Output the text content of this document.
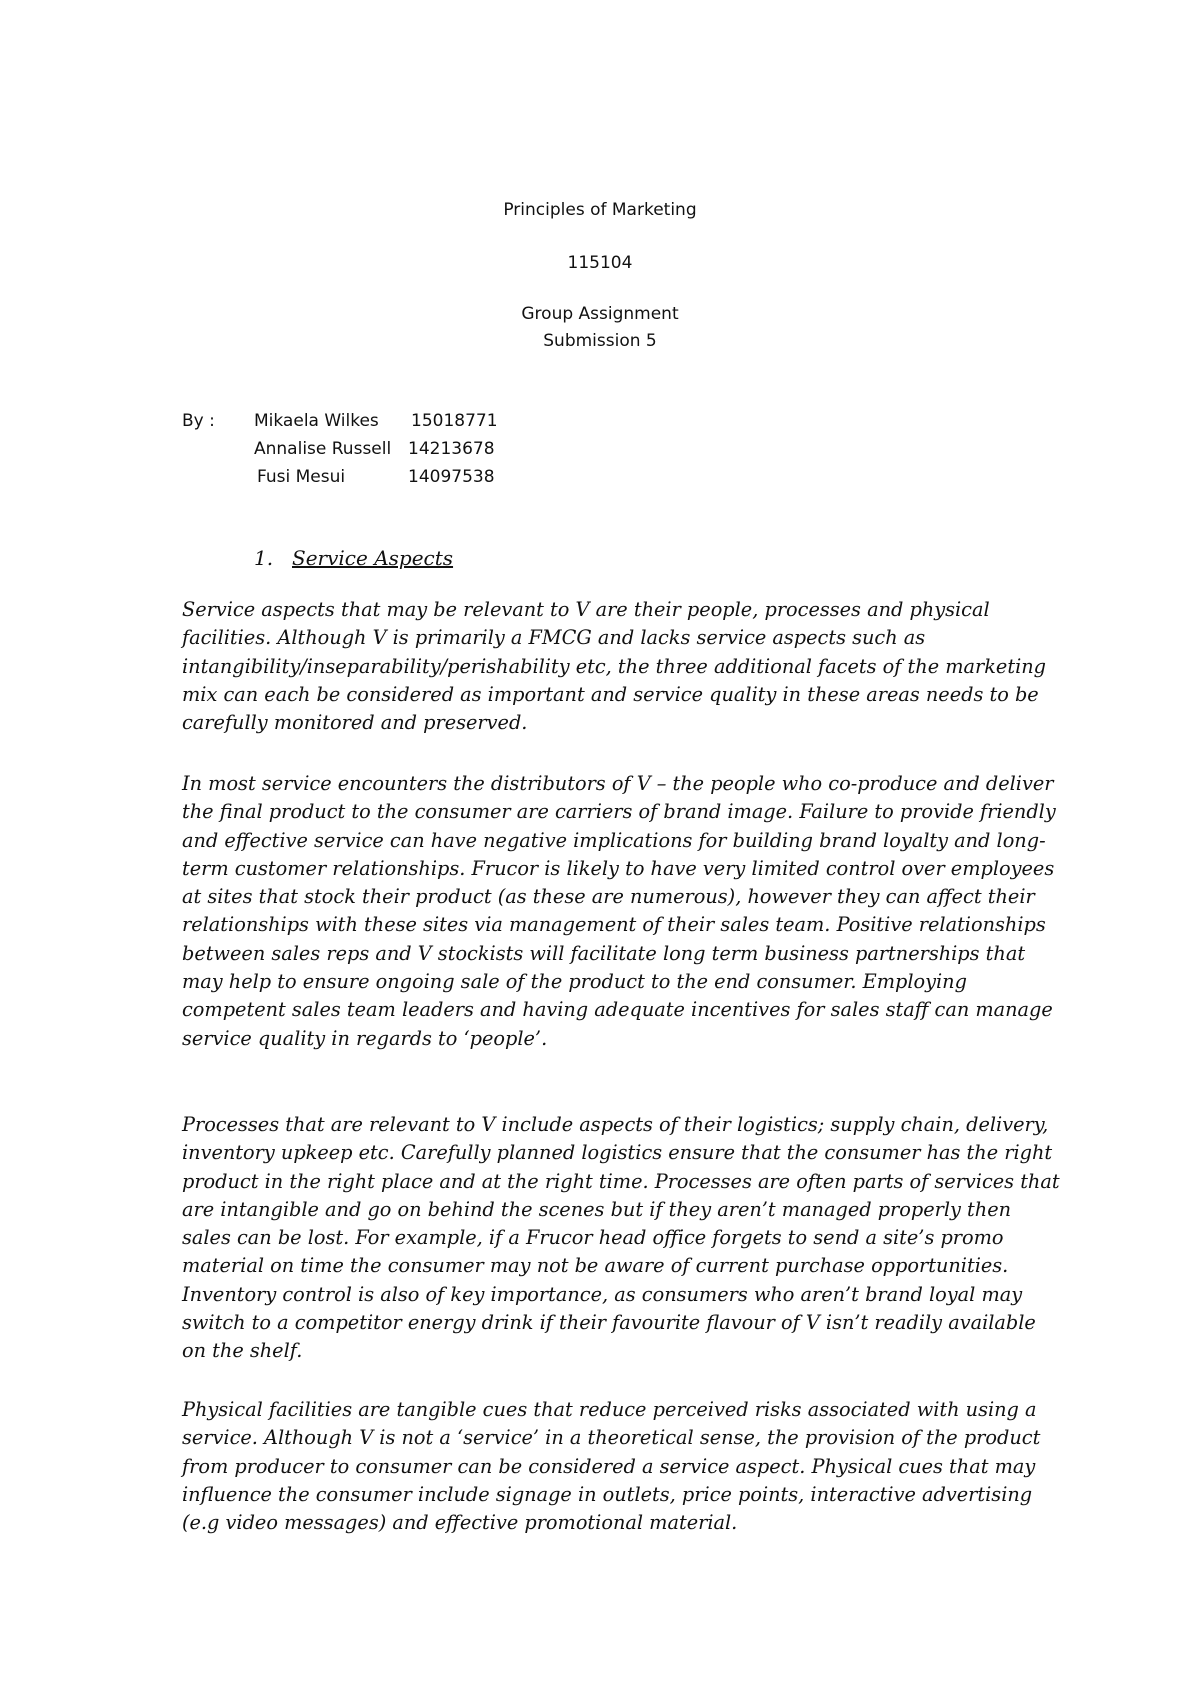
Principles of Marketing
115104
Group Assignment
Submission 5
By : Mikaela Wilkes 15018771
Annalise Russell 14213678
Fusi Mesui	14097538
1. Service Aspects

Service aspects that may be relevant to V are their people, processes and physical facilities. Although V is primarily a FMCG and lacks service aspects such as intangibility/inseparability/perishability etc, the three additional facets of the marketing mix can each be considered as important and service quality in these areas needs to be carefully monitored and preserved.

In most service encounters the distributors of V – the people who co-produce and deliver the final product to the consumer are carriers of brand image. Failure to provide friendly and effective service can have negative implications for building brand loyalty and long-term customer relationships. Frucor is likely to have very limited control over employees at sites that stock their product (as these are numerous), however they can affect their relationships with these sites via management of their sales team. Positive relationships between sales reps and V stockists will facilitate long term business partnerships that may help to ensure ongoing sale of the product to the end consumer. Employing competent sales team leaders and having adequate incentives for sales staff can manage service quality in regards to ‘people’.

Processes that are relevant to V include aspects of their logistics; supply chain, delivery, inventory upkeep etc. Carefully planned logistics ensure that the consumer has the right product in the right place and at the right time. Processes are often parts of services that are intangible and go on behind the scenes but if they aren’t managed properly then sales can be lost. For example, if a Frucor head office forgets to send a site’s promo material on time the consumer may not be aware of current purchase opportunities. Inventory control is also of key importance, as consumers who aren’t brand loyal may switch to a competitor energy drink if their favourite flavour of V isn’t readily available on the shelf.

Physical facilities are tangible cues that reduce perceived risks associated with using a service. Although V is not a ‘service’ in a theoretical sense, the provision of the product from producer to consumer can be considered a service aspect. Physical cues that may influence the consumer include signage in outlets, price points, interactive advertising (e.g video messages) and effective promotional material.
